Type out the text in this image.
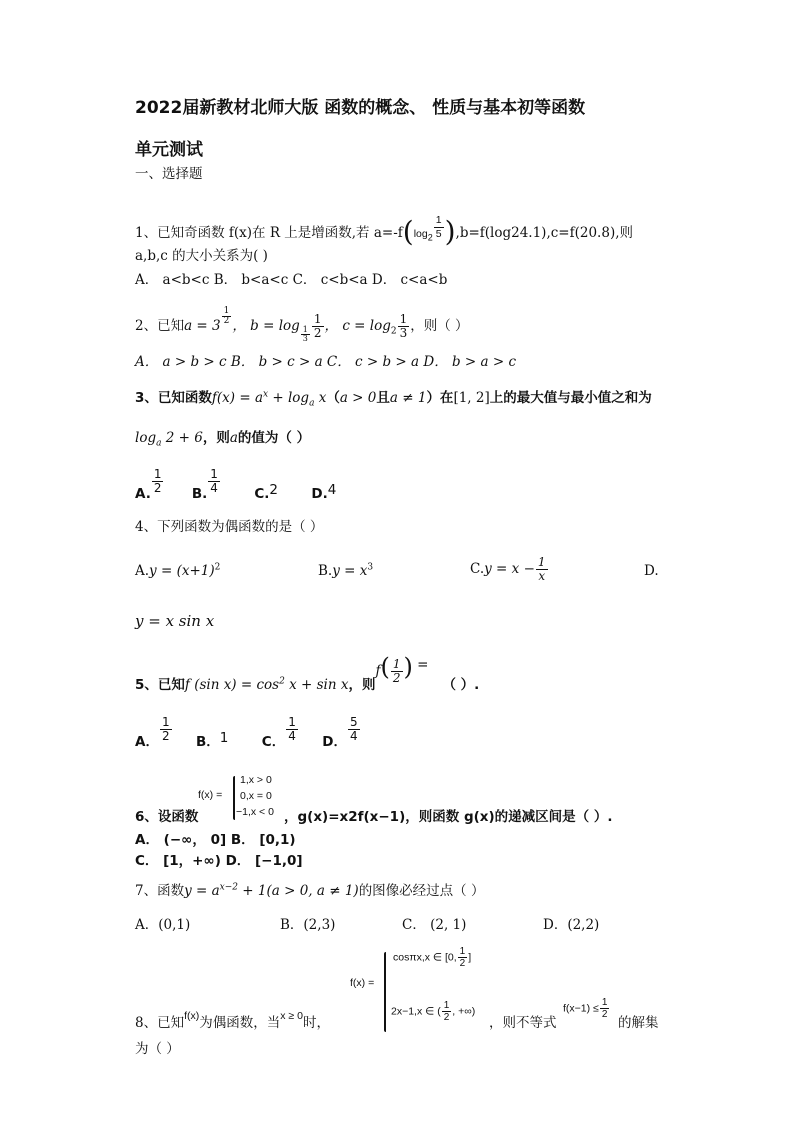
2022届新教材北师大版 函数的概念、 性质与基本初等函数
单元测试
一、选择题
1、已知奇函数 f(x)在 R 上是增函数,若 $a=-f(\log_2 \frac{1}{5} ),b=f(\log 24.1),c=f(20.8)$,则
a,b,c 的大小关系为( )
A． a<b<c B． b<a<c C． c<b<a D． c<a<b
2、已知$a = 3 \frac{1}{2}$ ， $b = \log \frac{1}{3} \frac{1}{2}$ ， $c = \log_2 \frac{1}{3}$ ，则（ ）
A． a > b > c B． b > c > a C． c > b > a D． b > a > c
3、已知函数$f(x) = a^x + \log_a x(a > 0$且a ≠ 1）在[1, 2]上的最大值与最小值之和为
$\log_a 2 + 6$，则a的值为（ ）
A. $\frac{1}{2} B$. $\frac{1}{4}$	C.2 D.4
4、下列函数为偶函数的是（ ）
$A.y = (x+1)^2$	$B.y = x^3$	$C.y = x - \frac{1}{x}$	D.
y = x sin x
5、已知f (sin $x) = \cos^2 x + \sin x$，则$f( \frac{1}{2}$ ) =（ ）.
A． $\frac{1}{2}$ B．1 C． $\frac{1}{4}$ D． $\frac{5}{4}$
f(x) =
1,x > 0
0,x = 0
−1,x < 0
6、设函数	，g(x)=x2f(x−1)，则函数 g(x)的递减区间是（ ）.
A． (−∞， 0] B． [0,1)
C． [1，+∞) D． [−1,0]
7、函数$y = a^{x-2} + 1(a > 0$, a ≠ 1)的图像必经过点（ ）
A．(0,1)	B．(2,3)	C． (2, 1)	D．(2,2)
f(x) =
cosπx,x ∈ [0, $\frac{1}{2}$ ]
2x−1,x ∈ ( $\frac{1}{2}$ , +∞)
8、已知$^{f(x)}$为偶函数，当$^{x \ge 0}$时，	，则不等式
$f(x-1) \le \frac{1}{2}$
的解集
为（ ）
